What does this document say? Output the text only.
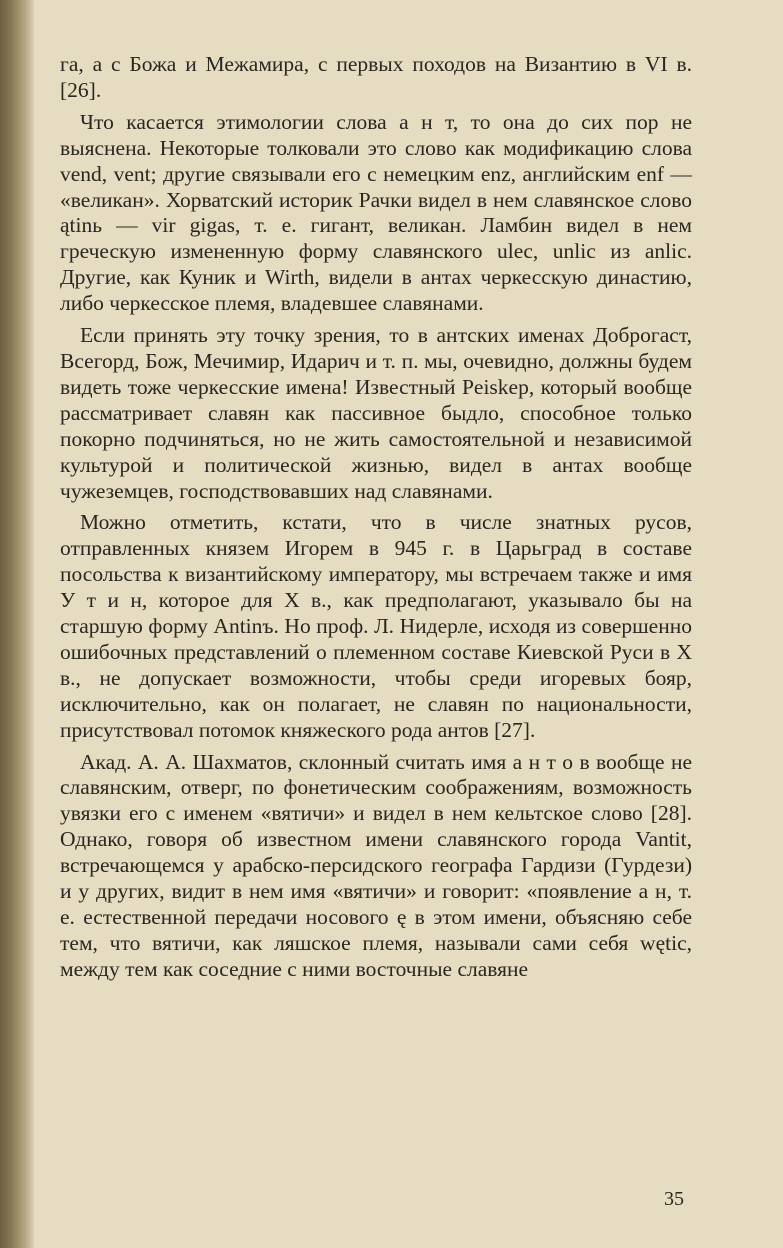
га, а с Божа и Межамира, с первых походов на Византию в VI в. [26].

Что касается этимологии слова а н т, то она до сих пор не выяснена. Некоторые толковали это слово как модификацию слова vend, vent; другие связывали его с немецким enz, английским enf — «великан». Хорватский историк Рачки видел в нем славянское слово ątinь — vir gigas, т. е. гигант, великан. Ламбин видел в нем греческую измененную форму славянского ulec, unlic из anlic. Другие, как Куник и Wirth, видели в антах черкесскую династию, либо черкесское племя, владевшее славянами.

Если принять эту точку зрения, то в антских именах Доброгаст, Всегорд, Бож, Мечимир, Идарич и т. п. мы, очевидно, должны будем видеть тоже черкесские имена! Известный Peiskep, который вообще рассматривает славян как пассивное быдло, способное только покорно подчиняться, но не жить самостоятельной и независимой культурой и политической жизнью, видел в антах вообще чужеземцев, господствовавших над славянами.

Можно отметить, кстати, что в числе знатных русов, отправленных князем Игорем в 945 г. в Царьград в составе посольства к византийскому императору, мы встречаем также и имя У т и н, которое для X в., как предполагают, указывало бы на старшую форму Antinъ. Но проф. Л. Нидерле, исходя из совершенно ошибочных представлений о племенном составе Киевской Руси в X в., не допускает возможности, чтобы среди игоревых бояр, исключительно, как он полагает, не славян по национальности, присутствовал потомок княжеского рода антов [27].

Акад. А. А. Шахматов, склонный считать имя а н т о в вообще не славянским, отверг, по фонетическим соображениям, возможность увязки его с именем «вятичи» и видел в нем кельтское слово [28]. Однако, говоря об известном имени славянского города Vantit, встречающемся у арабско-персидского географа Гардизи (Гурдези) и у других, видит в нем имя «вятичи» и говорит: «появление а н, т. е. естественной передачи носового ę в этом имени, объясняю себе тем, что вятичи, как ляшское племя, называли сами себя wętic, между тем как соседние с ними восточные славяне

35
